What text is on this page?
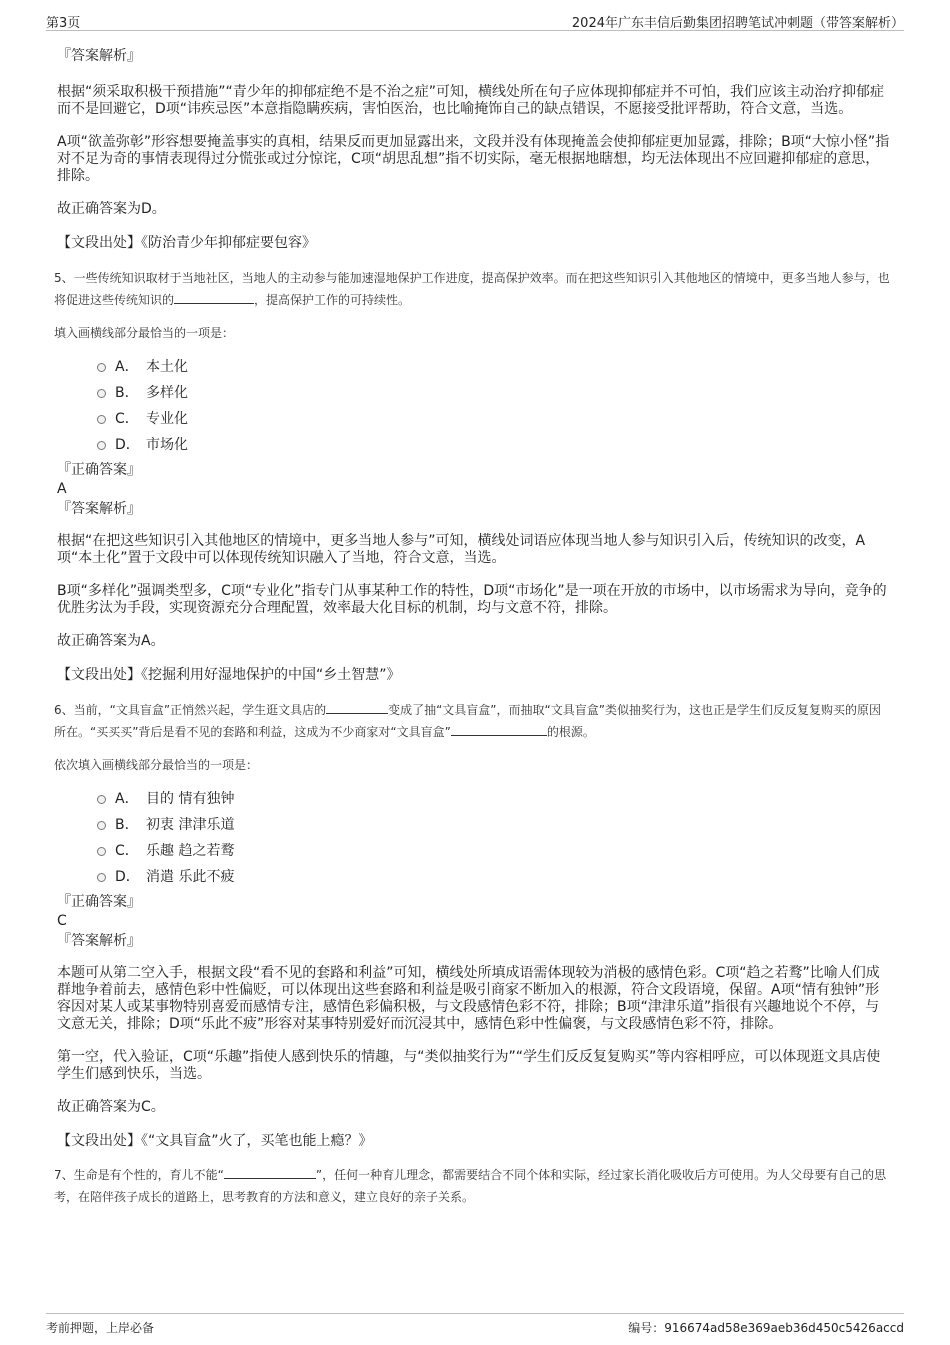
第3页	2024年广东丰信后勤集团招聘笔试冲刺题（带答案解析）

『答案解析』

根据“须采取积极干预措施”“青少年的抑郁症绝不是不治之症”可知，横线处所在句子应体现抑郁症并不可怕，我们应该主动治疗抑郁症而不是回避它，D项“讳疾忌医”本意指隐瞒疾病，害怕医治，也比喻掩饰自己的缺点错误，不愿接受批评帮助，符合文意，当选。

A项“欲盖弥彰”形容想要掩盖事实的真相，结果反而更加显露出来，文段并没有体现掩盖会使抑郁症更加显露，排除；B项“大惊小怪”指对不足为奇的事情表现得过分慌张或过分惊诧，C项“胡思乱想”指不切实际，毫无根据地瞎想，均无法体现出不应回避抑郁症的意思，排除。

故正确答案为D。

【文段出处】《防治青少年抑郁症要包容》

5、一些传统知识取材于当地社区，当地人的主动参与能加速湿地保护工作进度，提高保护效率。而在把这些知识引入其他地区的情境中，更多当地人参与，也将促进这些传统知识的	，提高保护工作的可持续性。

填入画横线部分最恰当的一项是：

A． 本土化
B． 多样化
C． 专业化
D． 市场化

『正确答案』

A

『答案解析』

根据“在把这些知识引入其他地区的情境中，更多当地人参与”可知，横线处词语应体现当地人参与知识引入后，传统知识的改变，A项“本土化”置于文段中可以体现传统知识融入了当地，符合文意，当选。

B项“多样化”强调类型多，C项“专业化”指专门从事某种工作的特性，D项“市场化”是一项在开放的市场中，以市场需求为导向，竞争的优胜劣汰为手段，实现资源充分合理配置，效率最大化目标的机制，均与文意不符，排除。

故正确答案为A。

【文段出处】《挖掘利用好湿地保护的中国“乡土智慧”》

6、当前，“文具盲盒”正悄然兴起，学生逛文具店的	变成了抽“文具盲盒”，而抽取“文具盲盒”类似抽奖行为，这也正是学生们反反复复购买的原因所在。“买买买”背后是看不见的套路和利益，这成为不少商家对“文具盲盒”	的根源。

依次填入画横线部分最恰当的一项是：

A． 目的 情有独钟
B． 初衷 津津乐道
C． 乐趣 趋之若鹜
D． 消遣 乐此不疲

『正确答案』

C

『答案解析』

本题可从第二空入手，根据文段“看不见的套路和利益”可知，横线处所填成语需体现较为消极的感情色彩。C项“趋之若鹜”比喻人们成群地争着前去，感情色彩中性偏贬，可以体现出这些套路和利益是吸引商家不断加入的根源，符合文段语境，保留。A项“情有独钟”形容因对某人或某事物特别喜爱而感情专注，感情色彩偏积极，与文段感情色彩不符，排除；B项“津津乐道”指很有兴趣地说个不停，与文意无关，排除；D项“乐此不疲”形容对某事特别爱好而沉浸其中，感情色彩中性偏褒，与文段感情色彩不符，排除。

第一空，代入验证，C项“乐趣”指使人感到快乐的情趣，与“类似抽奖行为”“学生们反反复复购买”等内容相呼应，可以体现逛文具店使学生们感到快乐，当选。

故正确答案为C。

【文段出处】《“文具盲盒”火了，买笔也能上瘾？》

7、生命是有个性的，育儿不能“	”，任何一种育儿理念，都需要结合不同个体和实际，经过家长消化吸收后方可使用。为人父母要有自己的思考，在陪伴孩子成长的道路上，思考教育的方法和意义，建立良好的亲子关系。

考前押题，上岸必备	编号：916674ad58e369aeb36d450c5426accd
